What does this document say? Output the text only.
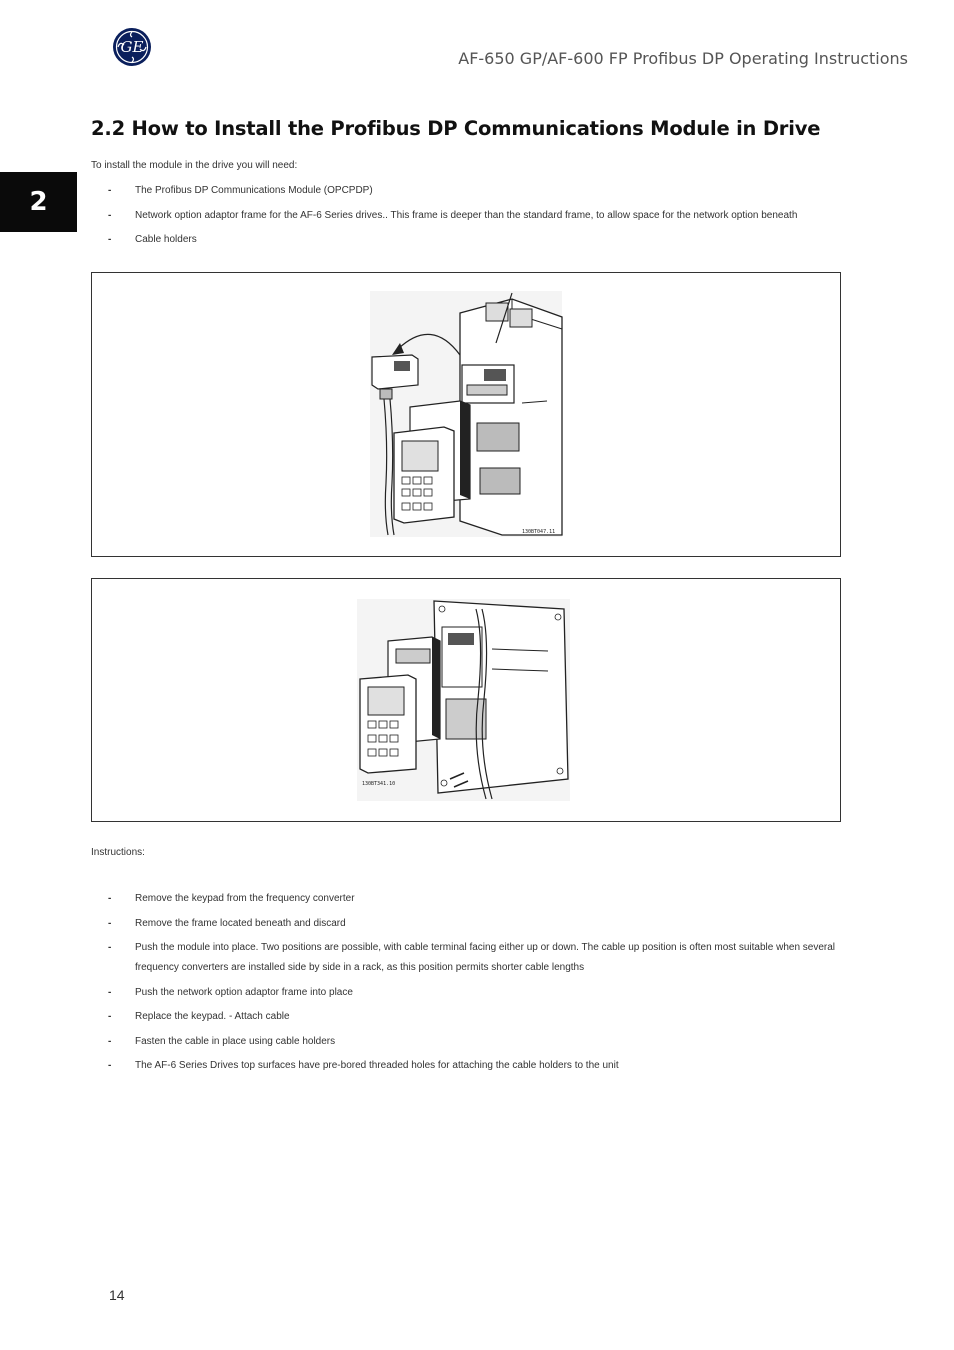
GE
AF-650 GP/AF-600 FP Profibus DP Operating Instructions
2
2.2 How to Install the Profibus DP Communications Module in Drive
To install the module in the drive you will need:
- The Profibus DP Communications Module (OPCPDP)
- Network option adaptor frame for the AF-6 Series drives.. This frame is deeper than the standard frame, to allow space for the network option beneath
- Cable holders
130BT047.11
130BT341.10
Instructions:
- Remove the keypad from the frequency converter
- Remove the frame located beneath and discard
- Push the module into place. Two positions are possible, with cable terminal facing either up or down. The cable up position is often most suitable when several frequency converters are installed side by side in a rack, as this position permits shorter cable lengths
- Push the network option adaptor frame into place
- Replace the keypad. - Attach cable
- Fasten the cable in place using cable holders
- The AF-6 Series Drives top surfaces have pre-bored threaded holes for attaching the cable holders to the unit
14
